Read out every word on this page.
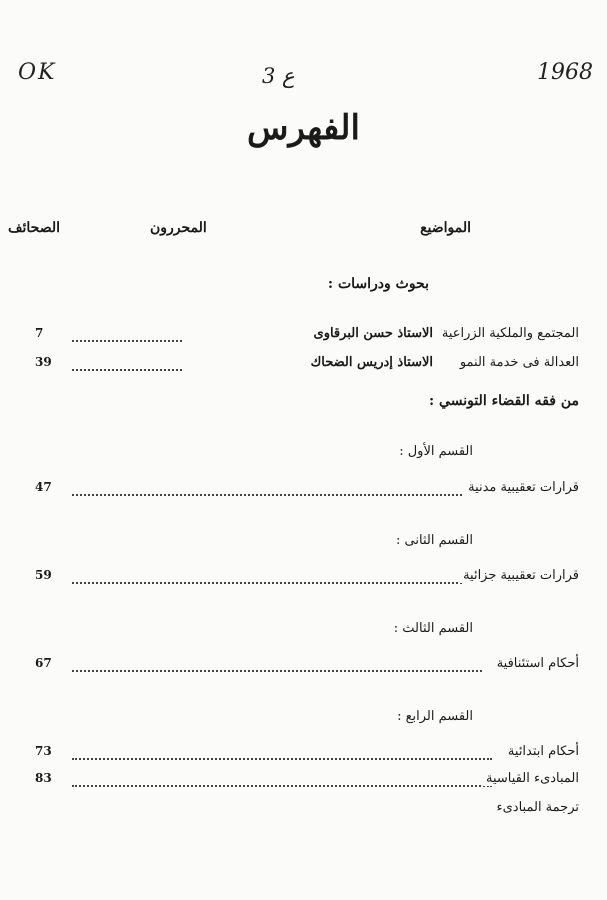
OK	ع 3	1968
الفهرس
المواضيع
المحررون
الصحائف
بحوث ودراسات :
المجتمع والملكية الزراعية
الاستاذ حسن البرقاوى
7
العدالة فى خدمة النمو
الاستاذ إدريس الضحاك
39
من فقه القضاء التونسي :
القسم الأول :
قرارات تعقيبية مدنية
47
القسم الثانى :
قرارات تعقيبية جزائية
59
القسم الثالث :
أحكام استئنافية
67
القسم الرابع :
أحكام ابتدائية
73
المبادىء القياسية
83
ترجمة المبادىء
